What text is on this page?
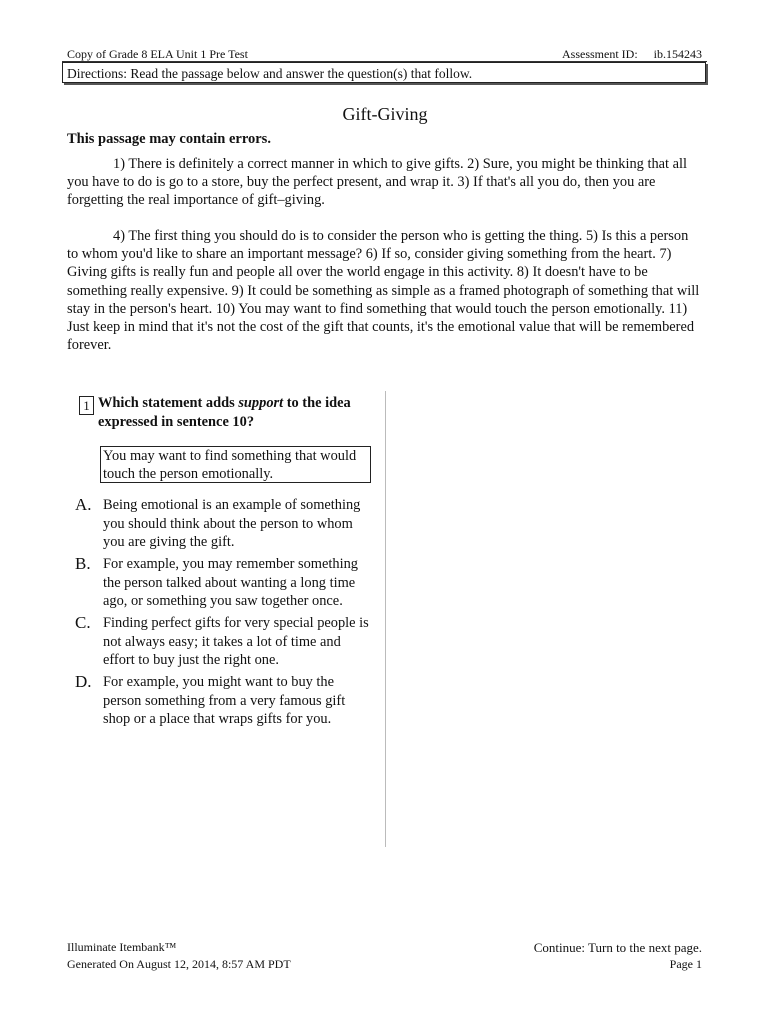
Copy of Grade 8 ELA Unit 1 Pre Test	Assessment ID: ib.154243
Directions: Read the passage below and answer the question(s) that follow.
Gift-Giving
This passage may contain errors.
1) There is definitely a correct manner in which to give gifts. 2) Sure, you might be thinking that all you have to do is go to a store, buy the perfect present, and wrap it. 3) If that's all you do, then you are forgetting the real importance of gift–giving.
4) The first thing you should do is to consider the person who is getting the thing. 5) Is this a person to whom you'd like to share an important message? 6) If so, consider giving something from the heart. 7) Giving gifts is really fun and people all over the world engage in this activity. 8) It doesn't have to be something really expensive. 9) It could be something as simple as a framed photograph of something that will stay in the person's heart. 10) You may want to find something that would touch the person emotionally. 11) Just keep in mind that it's not the cost of the gift that counts, it's the emotional value that will be remembered forever.
1 Which statement adds support to the idea expressed in sentence 10?
You may want to find something that would touch the person emotionally.
A. Being emotional is an example of something you should think about the person to whom you are giving the gift.
B. For example, you may remember something the person talked about wanting a long time ago, or something you saw together once.
C. Finding perfect gifts for very special people is not always easy; it takes a lot of time and effort to buy just the right one.
D. For example, you might want to buy the person something from a very famous gift shop or a place that wraps gifts for you.
Illuminate Itembank™
Generated On August 12, 2014, 8:57 AM PDT
Continue: Turn to the next page.
Page 1
